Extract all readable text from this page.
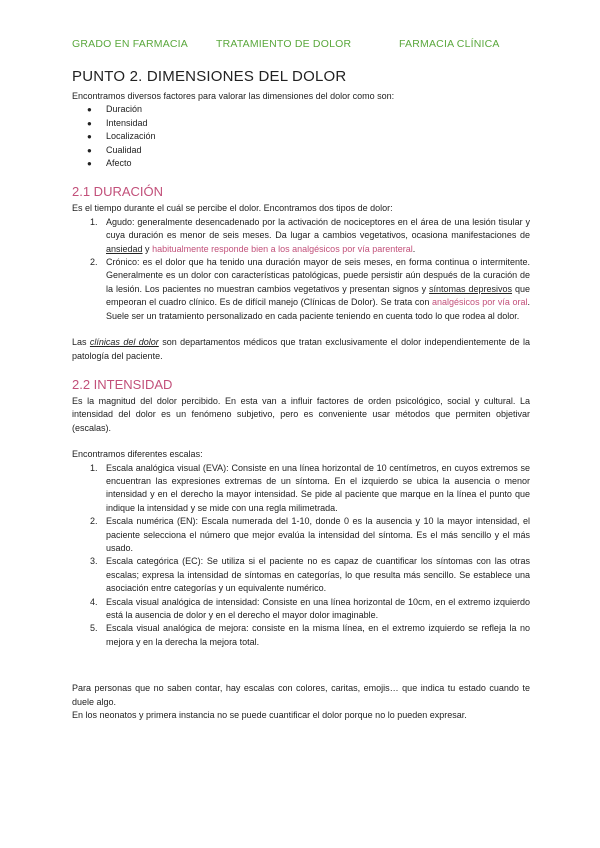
GRADO EN FARMACIA	TRATAMIENTO DE DOLOR	FARMACIA CLÍNICA
PUNTO 2. DIMENSIONES DEL DOLOR

Encontramos diversos factores para valorar las dimensiones del dolor como son:

● Duración
● Intensidad
● Localización
● Cualidad
● Afecto
2.1 DURACIÓN

Es el tiempo durante el cuál se percibe el dolor. Encontramos dos tipos de dolor:

1. Agudo: generalmente desencadenado por la activación de nociceptores en el área de una lesión tisular y cuya duración es menor de seis meses. Da lugar a cambios vegetativos, ocasiona manifestaciones de ansiedad y habitualmente responde bien a los analgésicos por vía parenteral.
2. Crónico: es el dolor que ha tenido una duración mayor de seis meses, en forma continua o intermitente. Generalmente es un dolor con características patológicas, puede persistir aún después de la curación de la lesión. Los pacientes no muestran cambios vegetativos y presentan signos y síntomas depresivos que empeoran el cuadro clínico. Es de difícil manejo (Clínicas de Dolor). Se trata con analgésicos por vía oral. Suele ser un tratamiento personalizado en cada paciente teniendo en cuenta todo lo que rodea al dolor.

Las clínicas del dolor son departamentos médicos que tratan exclusivamente el dolor independientemente de la patología del paciente.

2.2 INTENSIDAD

Es la magnitud del dolor percibido. En esta van a influir factores de orden psicológico, social y cultural. La intensidad del dolor es un fenómeno subjetivo, pero es conveniente usar métodos que permiten objetivar (escalas).

Encontramos diferentes escalas:

1. Escala analógica visual (EVA): Consiste en una línea horizontal de 10 centímetros, en cuyos extremos se encuentran las expresiones extremas de un síntoma. En el izquierdo se ubica la ausencia o menor intensidad y en el derecho la mayor intensidad. Se pide al paciente que marque en la línea el punto que indique la intensidad y se mide con una regla milimetrada.
2. Escala numérica (EN): Escala numerada del 1-10, donde 0 es la ausencia y 10 la mayor intensidad, el paciente selecciona el número que mejor evalúa la intensidad del síntoma. Es el más sencillo y el más usado.
3. Escala categórica (EC): Se utiliza si el paciente no es capaz de cuantificar los síntomas con las otras escalas; expresa la intensidad de síntomas en categorías, lo que resulta más sencillo. Se establece una asociación entre categorías y un equivalente numérico.
4. Escala visual analógica de intensidad: Consiste en una línea horizontal de 10cm, en el extremo izquierdo está la ausencia de dolor y en el derecho el mayor dolor imaginable.
5. Escala visual analógica de mejora: consiste en la misma línea, en el extremo izquierdo se refleja la no mejora y en la derecha la mejora total.

Para personas que no saben contar, hay escalas con colores, caritas, emojis… que indica tu estado cuando te duele algo.

En los neonatos y primera instancia no se puede cuantificar el dolor porque no lo pueden expresar.
